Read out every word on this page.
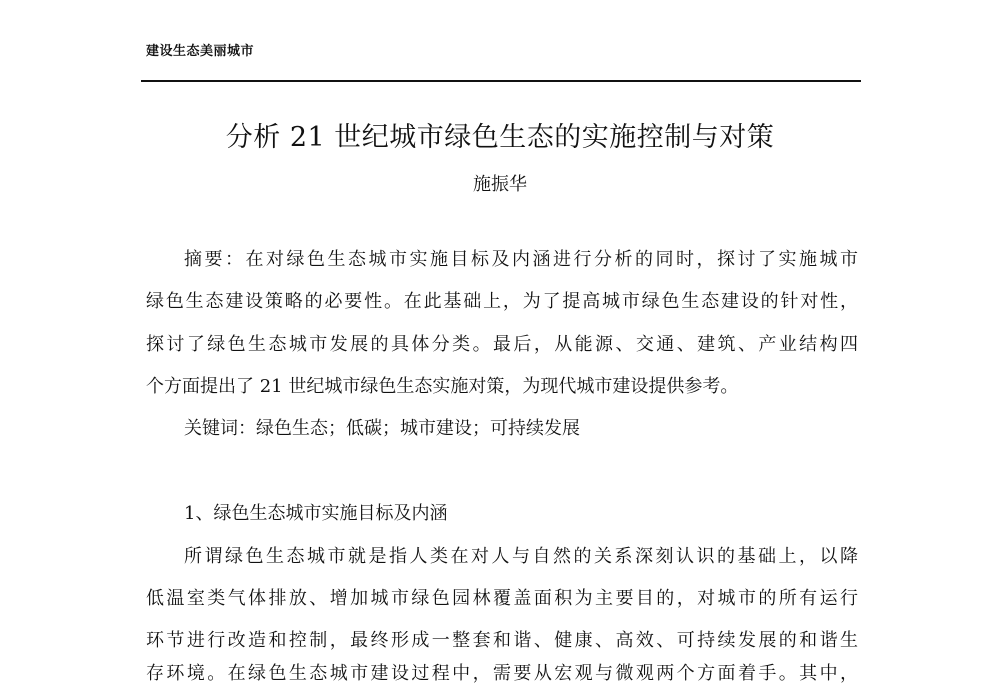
建设生态美丽城市
分析 21 世纪城市绿色生态的实施控制与对策
施振华
摘要：在对绿色生态城市实施目标及内涵进行分析的同时，探讨了实施城市
绿色生态建设策略的必要性。在此基础上，为了提高城市绿色生态建设的针对性，
探讨了绿色生态城市发展的具体分类。最后，从能源、交通、建筑、产业结构四
个方面提出了 21 世纪城市绿色生态实施对策，为现代城市建设提供参考。
关键词：绿色生态；低碳；城市建设；可持续发展
1、绿色生态城市实施目标及内涵
所谓绿色生态城市就是指人类在对人与自然的关系深刻认识的基础上，以降
低温室类气体排放、增加城市绿色园林覆盖面积为主要目的，对城市的所有运行
环节进行改造和控制，最终形成一整套和谐、健康、高效、可持续发展的和谐生
存环境。在绿色生态城市建设过程中，需要从宏观与微观两个方面着手。其中，
